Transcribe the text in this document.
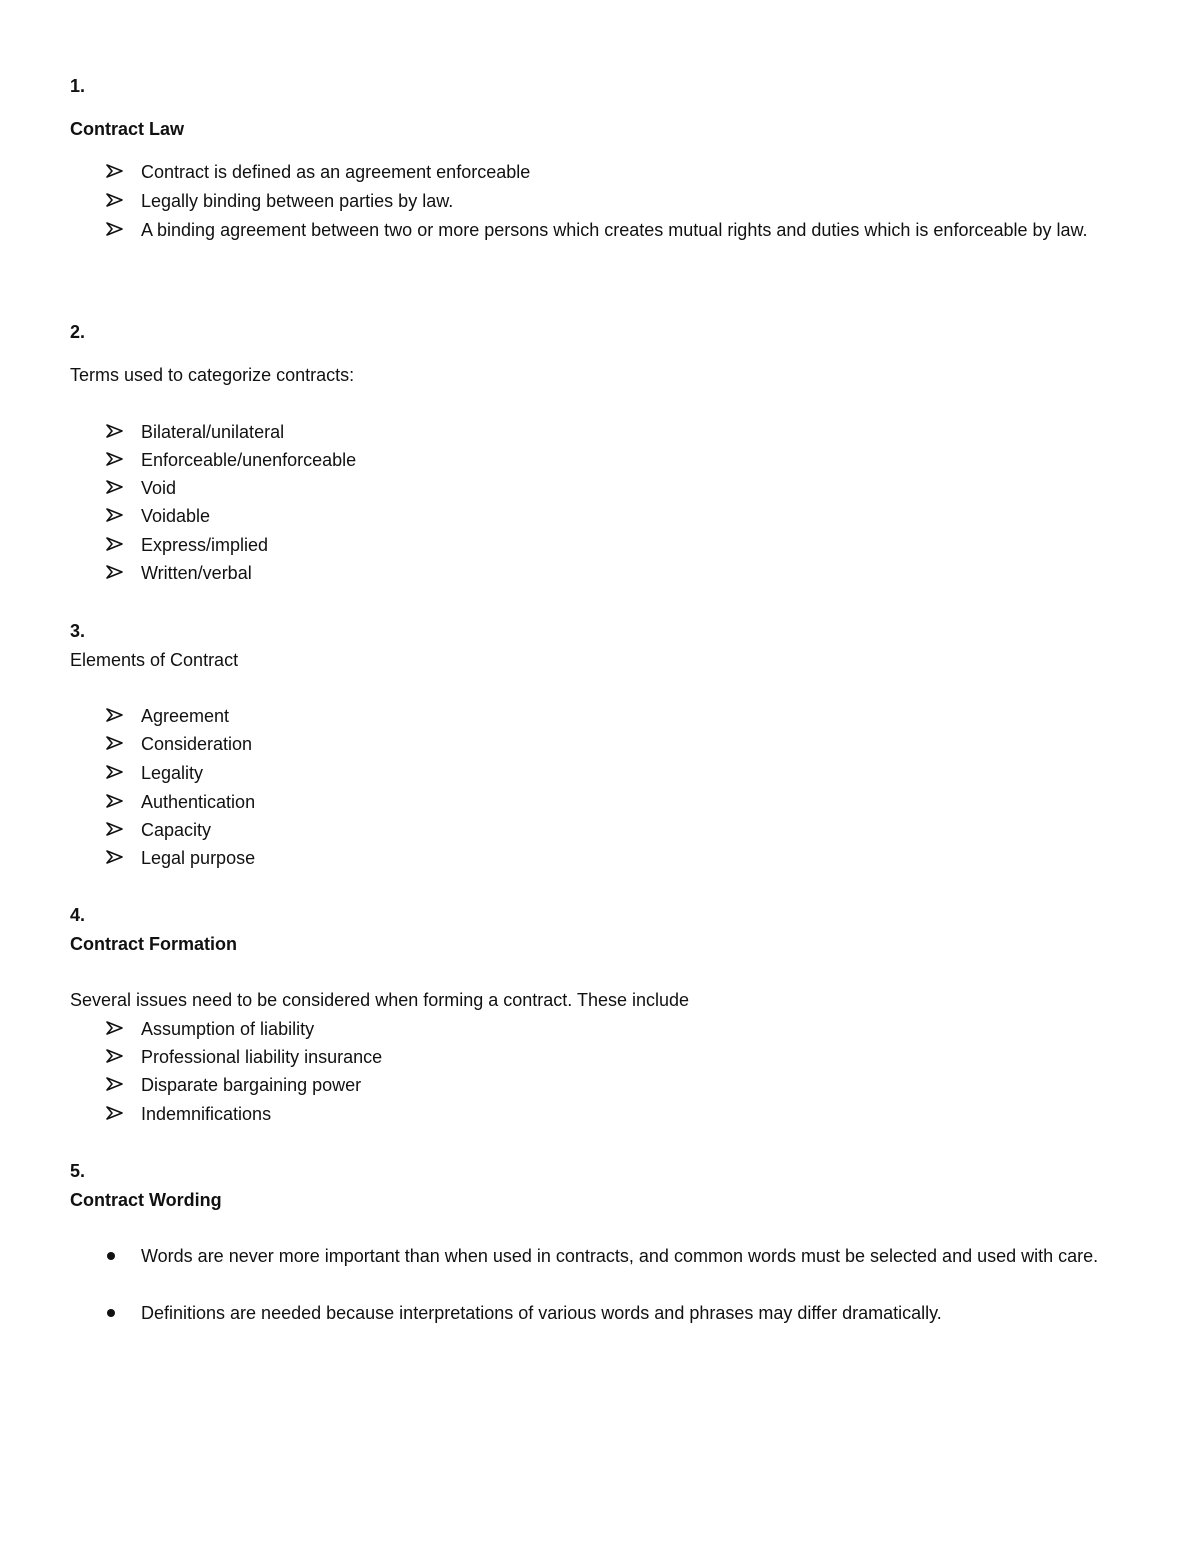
1.
Contract Law
Contract is defined as an agreement enforceable
Legally binding between parties by law.
A binding agreement between two or more persons which creates mutual rights and duties which is enforceable by law.
2.
Terms used to categorize contracts:
Bilateral/unilateral
Enforceable/unenforceable
Void
Voidable
Express/implied
Written/verbal
3.
Elements of Contract
Agreement
Consideration
Legality
Authentication
Capacity
Legal purpose
4.
Contract Formation
Several issues need to be considered when forming a contract. These include
Assumption of liability
Professional liability insurance
Disparate bargaining power
Indemnifications
5.
Contract Wording
Words are never more important than when used in contracts, and common words must be selected and used with care.
Definitions are needed because interpretations of various words and phrases may differ dramatically.
